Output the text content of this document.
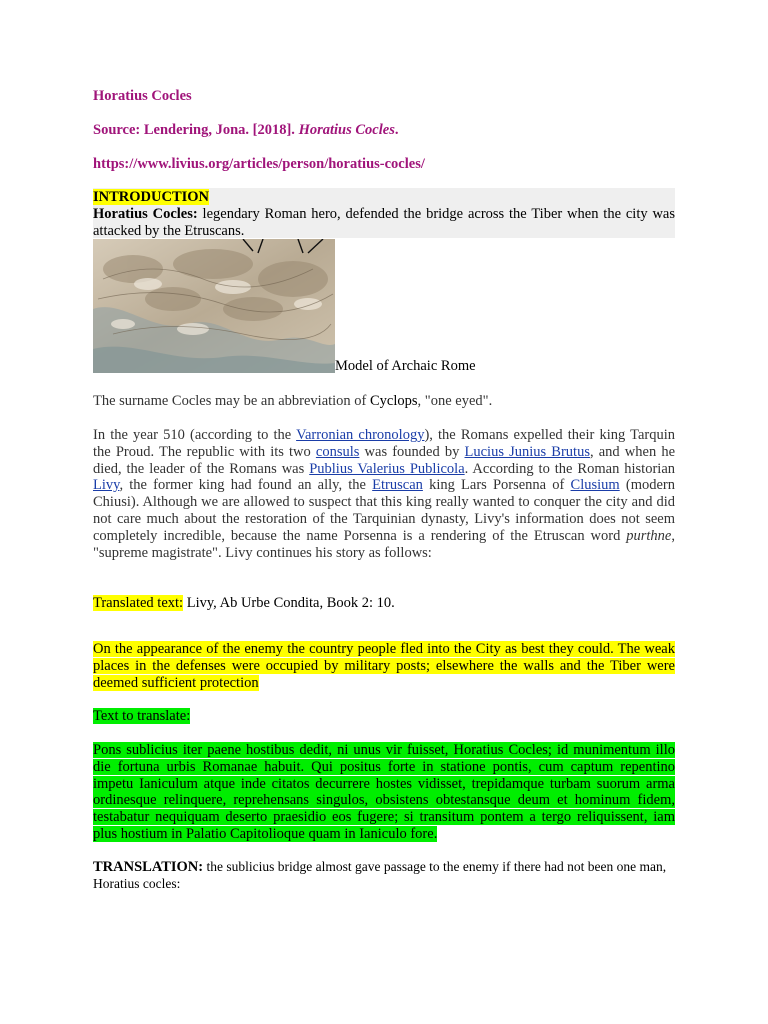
Horatius Cocles

Source: Lendering, Jona. [2018]. Horatius Cocles.

https://www.livius.org/articles/person/horatius-cocles/

INTRODUCTION

Horatius Cocles: legendary Roman hero, defended the bridge across the Tiber when the city was attacked by the Etruscans.

Model of Archaic Rome

The surname Cocles may be an abbreviation of Cyclops, "one eyed".

In the year 510 (according to the Varronian chronology), the Romans expelled their king Tarquin the Proud. The republic with its two consuls was founded by Lucius Junius Brutus, and when he died, the leader of the Romans was Publius Valerius Publicola. According to the Roman historian Livy, the former king had found an ally, the Etruscan king Lars Porsenna of Clusium (modern Chiusi). Although we are allowed to suspect that this king really wanted to conquer the city and did not care much about the restoration of the Tarquinian dynasty, Livy's information does not seem completely incredible, because the name Porsenna is a rendering of the Etruscan word purthne, "supreme magistrate". Livy continues his story as follows:

Translated text: Livy, Ab Urbe Condita, Book 2: 10.

On the appearance of the enemy the country people fled into the City as best they could. The weak places in the defenses were occupied by military posts; elsewhere the walls and the Tiber were deemed sufficient protection

Text to translate:

Pons sublicius iter paene hostibus dedit, ni unus vir fuisset, Horatius Cocles; id munimentum illo die fortuna urbis Romanae habuit. Qui positus forte in statione pontis, cum captum repentino impetu Ianiculum atque inde citatos decurrere hostes vidisset, trepidamque turbam suorum arma ordinesque relinquere, reprehensans singulos, obsistens obtestansque deum et hominum fidem, testabatur nequiquam deserto praesidio eos fugere; si transitum pontem a tergo reliquissent, iam plus hostium in Palatio Capitolioque quam in Ianiculo fore.

TRANSLATION: the sublicius bridge almost gave passage to the enemy if there had not been one man, Horatius cocles:
